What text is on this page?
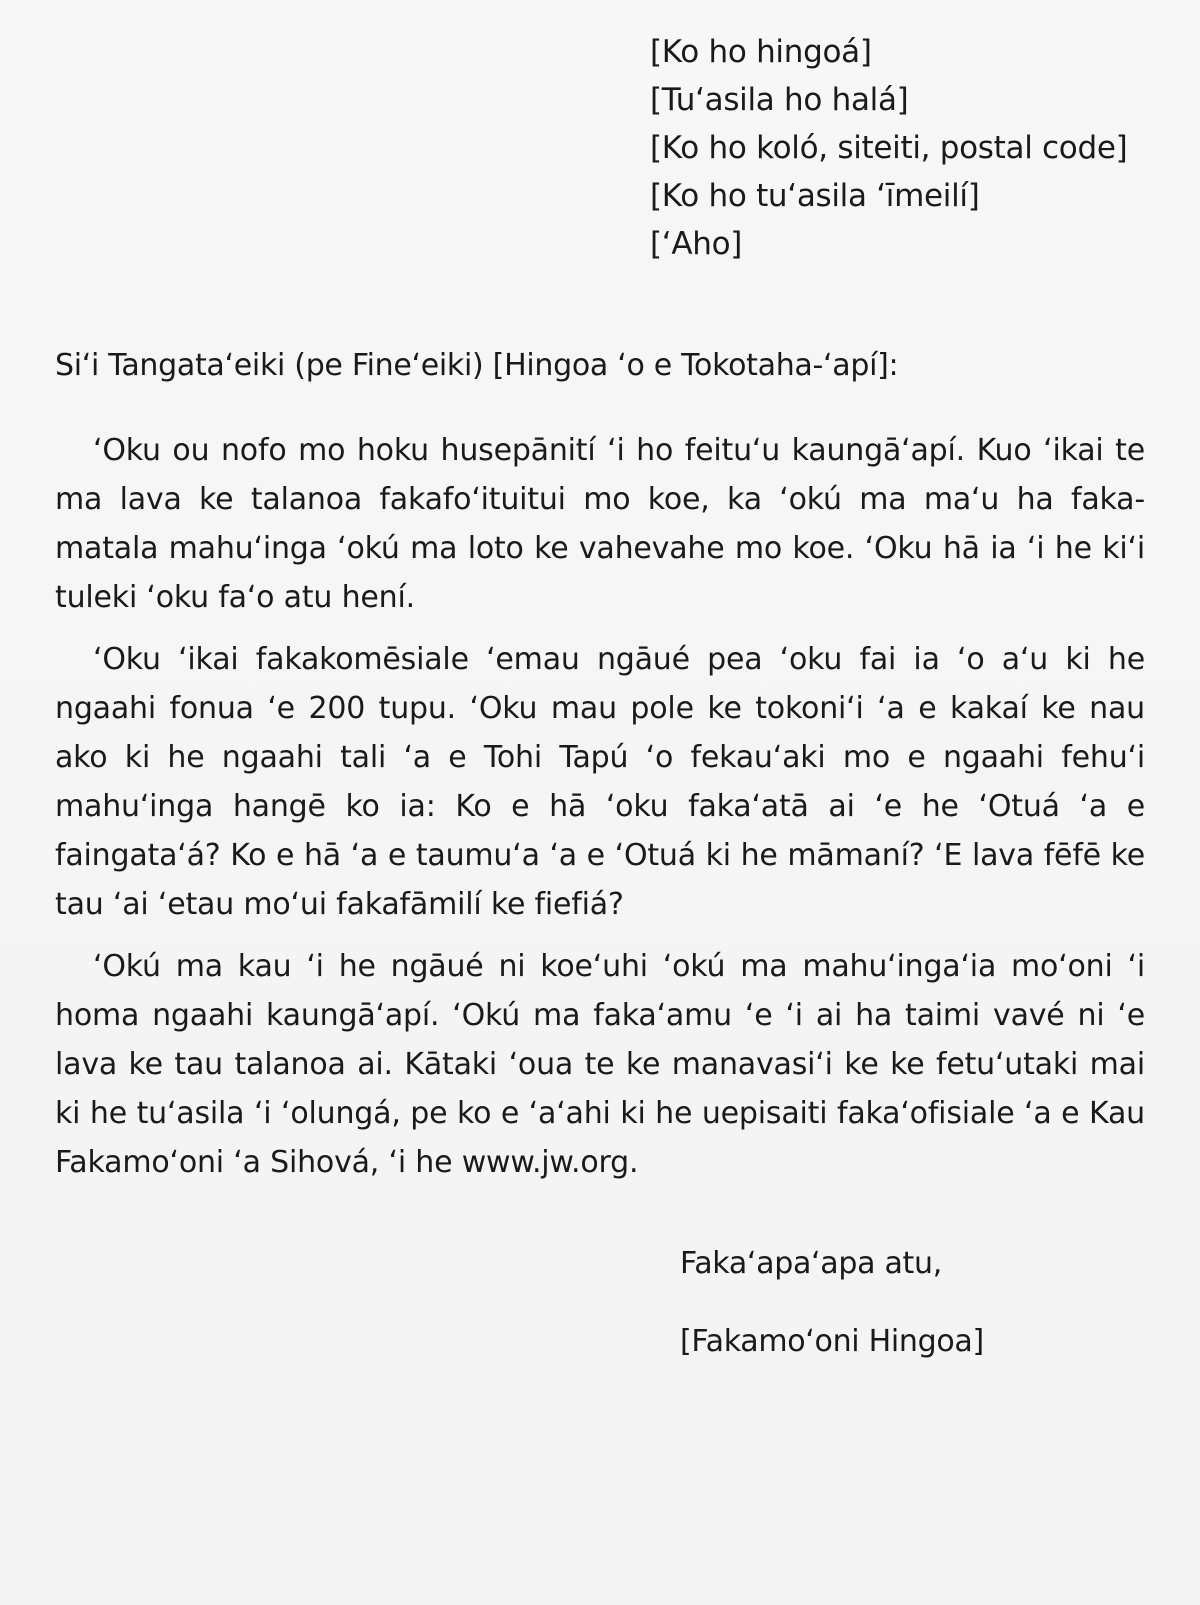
[Ko ho hingoá]
[Tuʻasila ho halá]
[Ko ho koló, siteiti, postal code]
[Ko ho tuʻasila ʻīmeilí]
[ʻAho]
Siʻi Tangataʻeiki (pe Fineʻeiki) [Hingoa ʻo e Tokotaha-ʻapí]:

ʻOku ou nofo mo hoku husepānití ʻi ho feituʻu kaungāʻapí. Kuo ʻikai te ma lava ke talanoa fakafoʻituitui mo koe, ka ʻokú ma maʻu ha faka-matala mahuʻinga ʻokú ma loto ke vahevahe mo koe. ʻOku hā ia ʻi he kiʻi tuleki ʻoku faʻo atu hení.

ʻOku ʻikai fakakomēsiale ʻemau ngāué pea ʻoku fai ia ʻo aʻu ki he ngaahi fonua ʻe 200 tupu. ʻOku mau pole ke tokoniʻi ʻa e kakaí ke nau ako ki he ngaahi tali ʻa e Tohi Tapú ʻo fekauʻaki mo e ngaahi fehuʻi mahuʻinga hangē ko ia: Ko e hā ʻoku fakaʻatā ai ʻe he ʻOtuá ʻa e faingataʻá? Ko e hā ʻa e taumuʻa ʻa e ʻOtuá ki he māmaní? ʻE lava fēfē ke tau ʻai ʻetau moʻui fakafāmilí ke fiefiá?

ʻOkú ma kau ʻi he ngāué ni koeʻuhi ʻokú ma mahuʻingaʻia moʻoni ʻi homa ngaahi kaungāʻapí. ʻOkú ma fakaʻamu ʻe ʻi ai ha taimi vavé ni ʻe lava ke tau talanoa ai. Kātaki ʻoua te ke manavasiʻi ke ke fetuʻutaki mai ki he tuʻasila ʻi ʻolungá, pe ko e ʻaʻahi ki he uepisaiti fakaʻofisiale ʻa e Kau Fakamoʻoni ʻa Sihová, ʻi he www.jw.org.

Fakaʻapaʻapa atu,
[Fakamoʻoni Hingoa]
